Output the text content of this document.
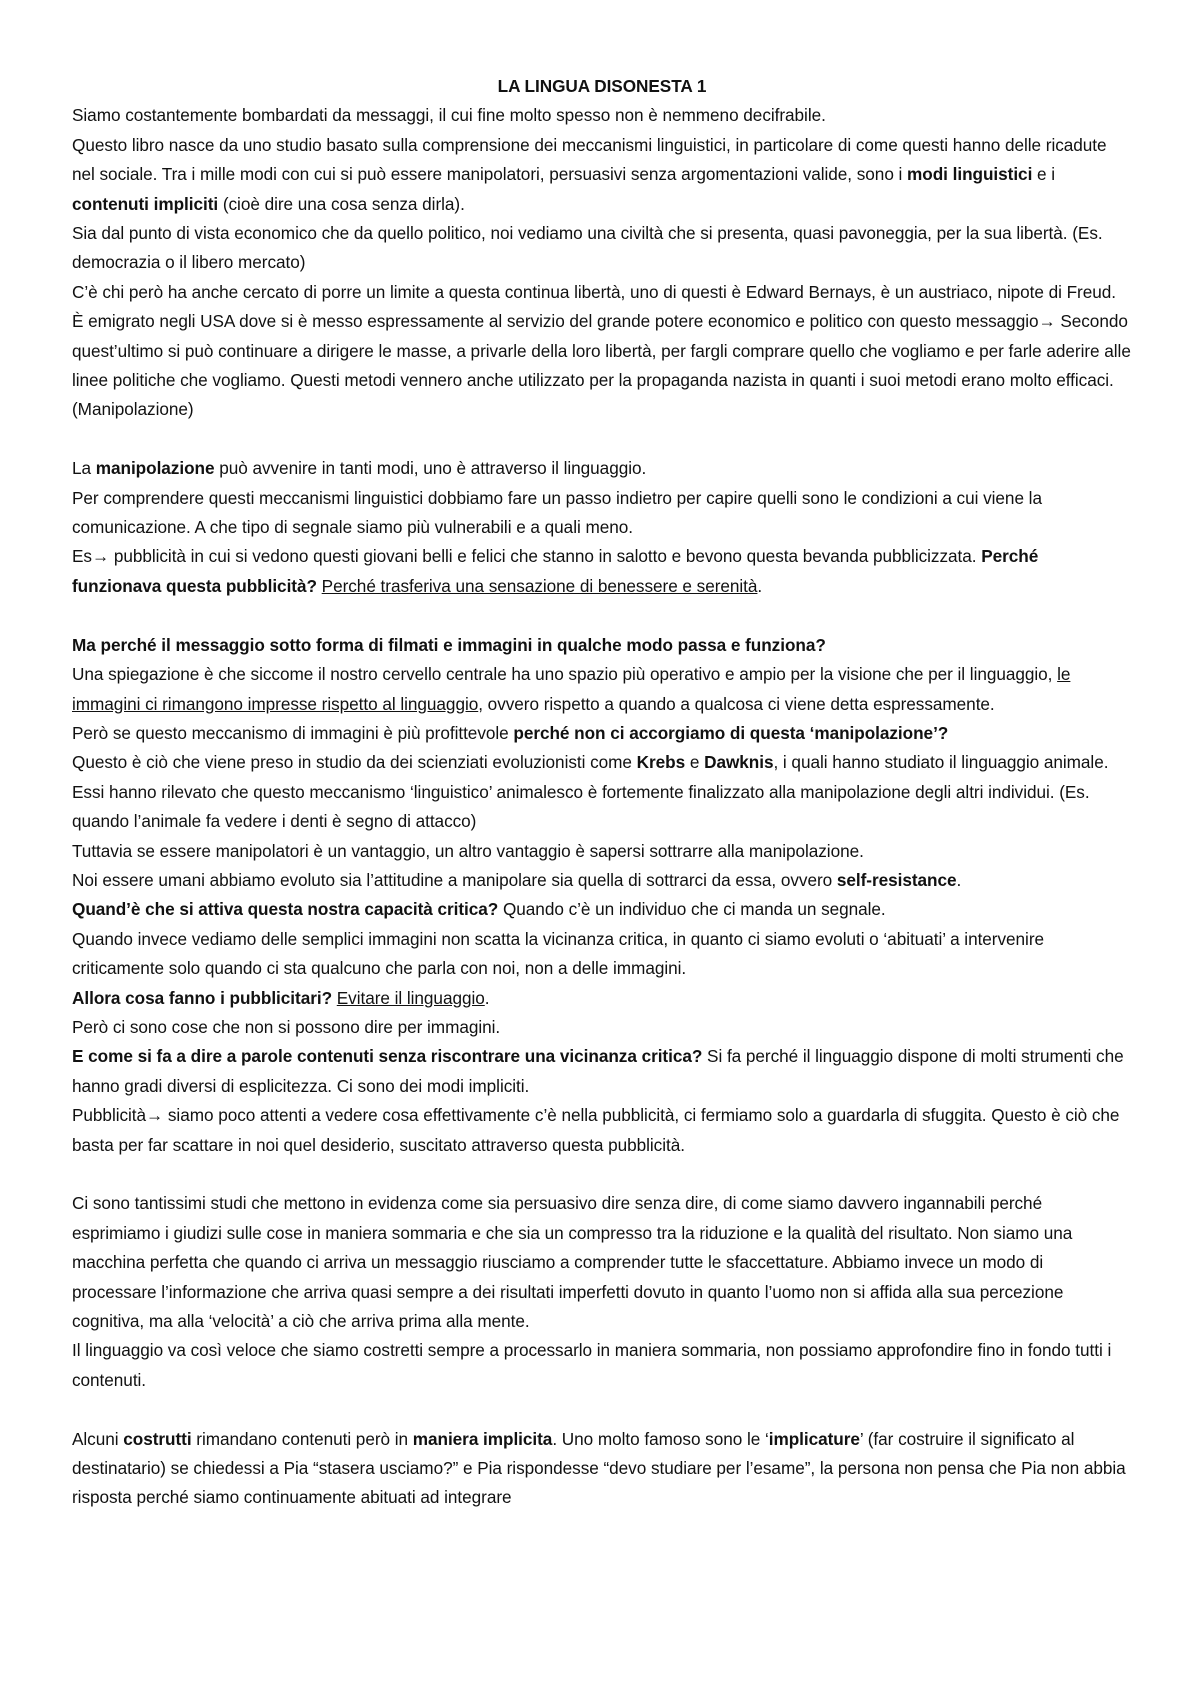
LA LINGUA DISONESTA 1

Siamo costantemente bombardati da messaggi, il cui fine molto spesso non è nemmeno decifrabile.

Questo libro nasce da uno studio basato sulla comprensione dei meccanismi linguistici, in particolare di come questi hanno delle ricadute nel sociale. Tra i mille modi con cui si può essere manipolatori, persuasivi senza argomentazioni valide, sono i modi linguistici e i contenuti impliciti (cioè dire una cosa senza dirla).

Sia dal punto di vista economico che da quello politico, noi vediamo una civiltà che si presenta, quasi pavoneggia, per la sua libertà. (Es. democrazia o il libero mercato)

C’è chi però ha anche cercato di porre un limite a questa continua libertà, uno di questi è Edward Bernays, è un austriaco, nipote di Freud. È emigrato negli USA dove si è messo espressamente al servizio del grande potere economico e politico con questo messaggio→ Secondo quest’ultimo si può continuare a dirigere le masse, a privarle della loro libertà, per fargli comprare quello che vogliamo e per farle aderire alle linee politiche che vogliamo. Questi metodi vennero anche utilizzato per la propaganda nazista in quanti i suoi metodi erano molto efficaci. (Manipolazione)

La manipolazione può avvenire in tanti modi, uno è attraverso il linguaggio.

Per comprendere questi meccanismi linguistici dobbiamo fare un passo indietro per capire quelli sono le condizioni a cui viene la comunicazione. A che tipo di segnale siamo più vulnerabili e a quali meno.

Es→ pubblicità in cui si vedono questi giovani belli e felici che stanno in salotto e bevono questa bevanda pubblicizzata. Perché funzionava questa pubblicità? Perché trasferiva una sensazione di benessere e serenità.

Ma perché il messaggio sotto forma di filmati e immagini in qualche modo passa e funziona?

Una spiegazione è che siccome il nostro cervello centrale ha uno spazio più operativo e ampio per la visione che per il linguaggio, le immagini ci rimangono impresse rispetto al linguaggio, ovvero rispetto a quando a qualcosa ci viene detta espressamente.

Però se questo meccanismo di immagini è più profittevole perché non ci accorgiamo di questa ‘manipolazione’?

Questo è ciò che viene preso in studio da dei scienziati evoluzionisti come Krebs e Dawknis, i quali hanno studiato il linguaggio animale.

Essi hanno rilevato che questo meccanismo ‘linguistico’ animalesco è fortemente finalizzato alla manipolazione degli altri individui. (Es. quando l’animale fa vedere i denti è segno di attacco)

Tuttavia se essere manipolatori è un vantaggio, un altro vantaggio è sapersi sottrarre alla manipolazione.

Noi essere umani abbiamo evoluto sia l’attitudine a manipolare sia quella di sottrarci da essa, ovvero self-resistance.

Quand’è che si attiva questa nostra capacità critica? Quando c’è un individuo che ci manda un segnale.

Quando invece vediamo delle semplici immagini non scatta la vicinanza critica, in quanto ci siamo evoluti o ‘abituati’ a intervenire criticamente solo quando ci sta qualcuno che parla con noi, non a delle immagini.

Allora cosa fanno i pubblicitari? Evitare il linguaggio.

Però ci sono cose che non si possono dire per immagini.

E come si fa a dire a parole contenuti senza riscontrare una vicinanza critica? Si fa perché il linguaggio dispone di molti strumenti che hanno gradi diversi di esplicitezza. Ci sono dei modi impliciti.

Pubblicità→ siamo poco attenti a vedere cosa effettivamente c’è nella pubblicità, ci fermiamo solo a guardarla di sfuggita. Questo è ciò che basta per far scattare in noi quel desiderio, suscitato attraverso questa pubblicità.

Ci sono tantissimi studi che mettono in evidenza come sia persuasivo dire senza dire, di come siamo davvero ingannabili perché esprimiamo i giudizi sulle cose in maniera sommaria e che sia un compresso tra la riduzione e la qualità del risultato. Non siamo una macchina perfetta che quando ci arriva un messaggio riusciamo a comprender tutte le sfaccettature. Abbiamo invece un modo di processare l’informazione che arriva quasi sempre a dei risultati imperfetti dovuto in quanto l’uomo non si affida alla sua percezione cognitiva, ma alla ‘velocità’ a ciò che arriva prima alla mente.

Il linguaggio va così veloce che siamo costretti sempre a processarlo in maniera sommaria, non possiamo approfondire fino in fondo tutti i contenuti.

Alcuni costrutti rimandano contenuti però in maniera implicita. Uno molto famoso sono le ‘implicature’ (far costruire il significato al destinatario) se chiedessi a Pia “stasera usciamo?” e Pia rispondesse “devo studiare per l’esame”, la persona non pensa che Pia non abbia risposta perché siamo continuamente abituati ad integrare
